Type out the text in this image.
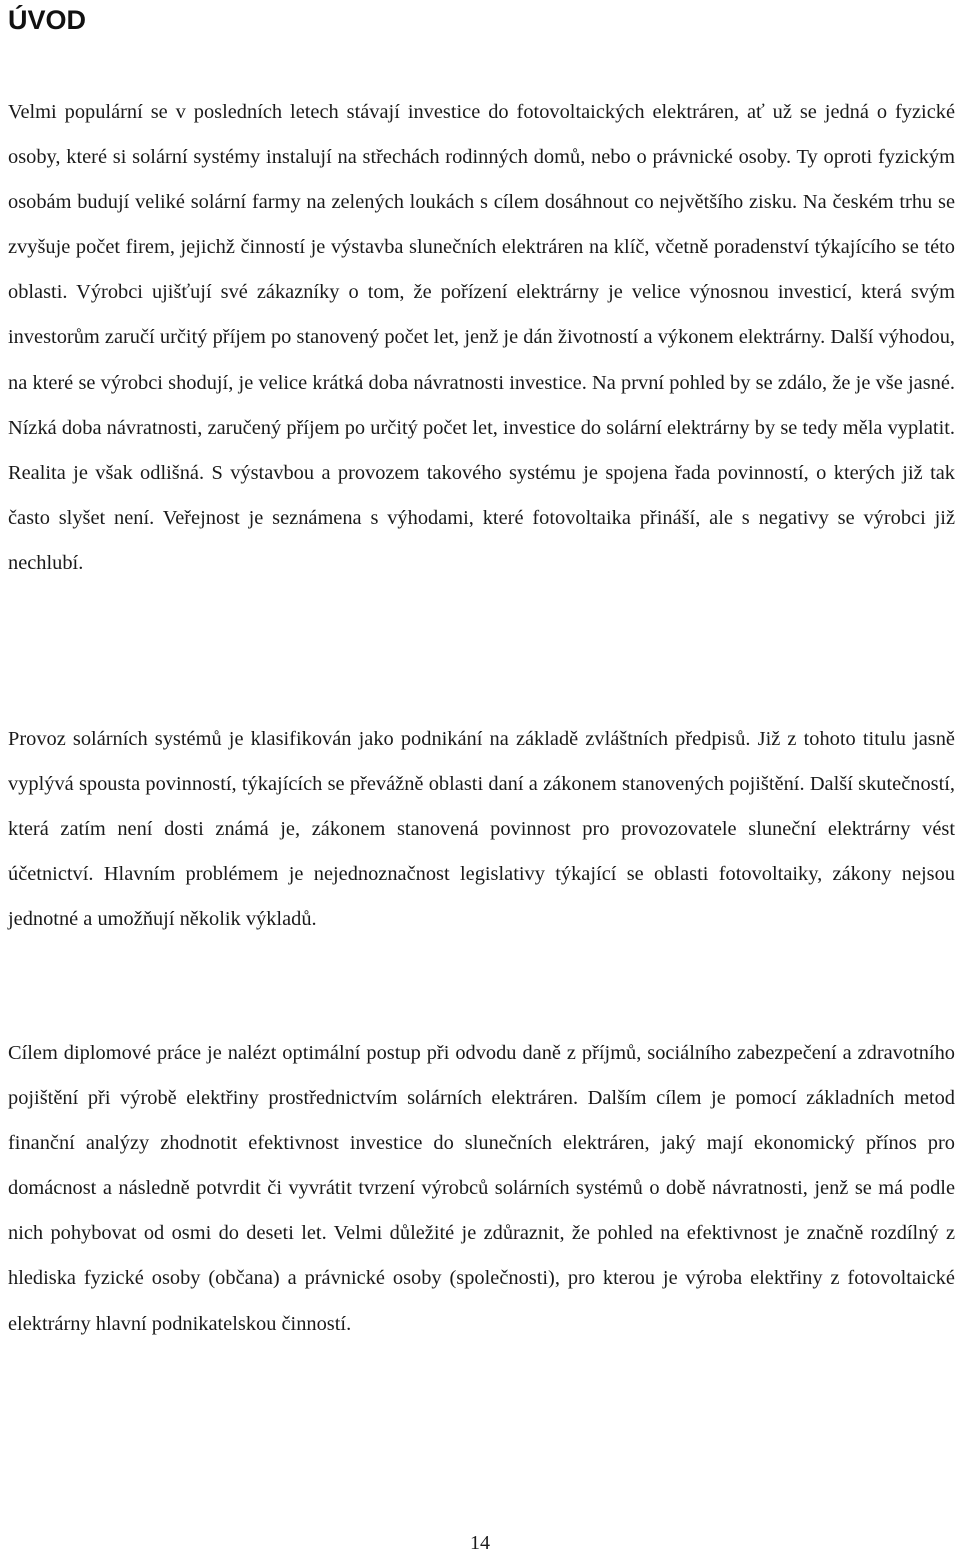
ÚVOD

Velmi populární se v posledních letech stávají investice do fotovoltaických elektráren, ať už se jedná o fyzické osoby, které si solární systémy instalují na střechách rodinných domů, nebo o právnické osoby. Ty oproti fyzickým osobám budují veliké solární farmy na zelených loukách s cílem dosáhnout co největšího zisku. Na českém trhu se zvyšuje počet firem, jejichž činností je výstavba slunečních elektráren na klíč, včetně poradenství týkajícího se této oblasti. Výrobci ujišťují své zákazníky o tom, že pořízení elektrárny je velice výnosnou investicí, která svým investorům zaručí určitý příjem po stanovený počet let, jenž je dán životností a výkonem elektrárny. Další výhodou, na které se výrobci shodují, je velice krátká doba návratnosti investice. Na první pohled by se zdálo, že je vše jasné. Nízká doba návratnosti, zaručený příjem po určitý počet let, investice do solární elektrárny by se tedy měla vyplatit. Realita je však odlišná. S výstavbou a provozem takového systému je spojena řada povinností, o kterých již tak často slyšet není. Veřejnost je seznámena s výhodami, které fotovoltaika přináší, ale s negativy se výrobci již nechlubí.

Provoz solárních systémů je klasifikován jako podnikání na základě zvláštních předpisů. Již z tohoto titulu jasně vyplývá spousta povinností, týkajících se převážně oblasti daní a zákonem stanovených pojištění. Další skutečností, která zatím není dosti známá je, zákonem stanovená povinnost pro provozovatele sluneční elektrárny vést účetnictví. Hlavním problémem je nejednoznačnost legislativy týkající se oblasti fotovoltaiky, zákony nejsou jednotné a umožňují několik výkladů.

Cílem diplomové práce je nalézt optimální postup při odvodu daně z příjmů, sociálního zabezpečení a zdravotního pojištění při výrobě elektřiny prostřednictvím solárních elektráren. Dalším cílem je pomocí základních metod finanční analýzy zhodnotit efektivnost investice do slunečních elektráren, jaký mají ekonomický přínos pro domácnost a následně potvrdit či vyvrátit tvrzení výrobců solárních systémů o době návratnosti, jenž se má podle nich pohybovat od osmi do deseti let. Velmi důležité je zdůraznit, že pohled na efektivnost je značně rozdílný z hlediska fyzické osoby (občana) a právnické osoby (společnosti), pro kterou je výroba elektřiny z fotovoltaické elektrárny hlavní podnikatelskou činností.

14
